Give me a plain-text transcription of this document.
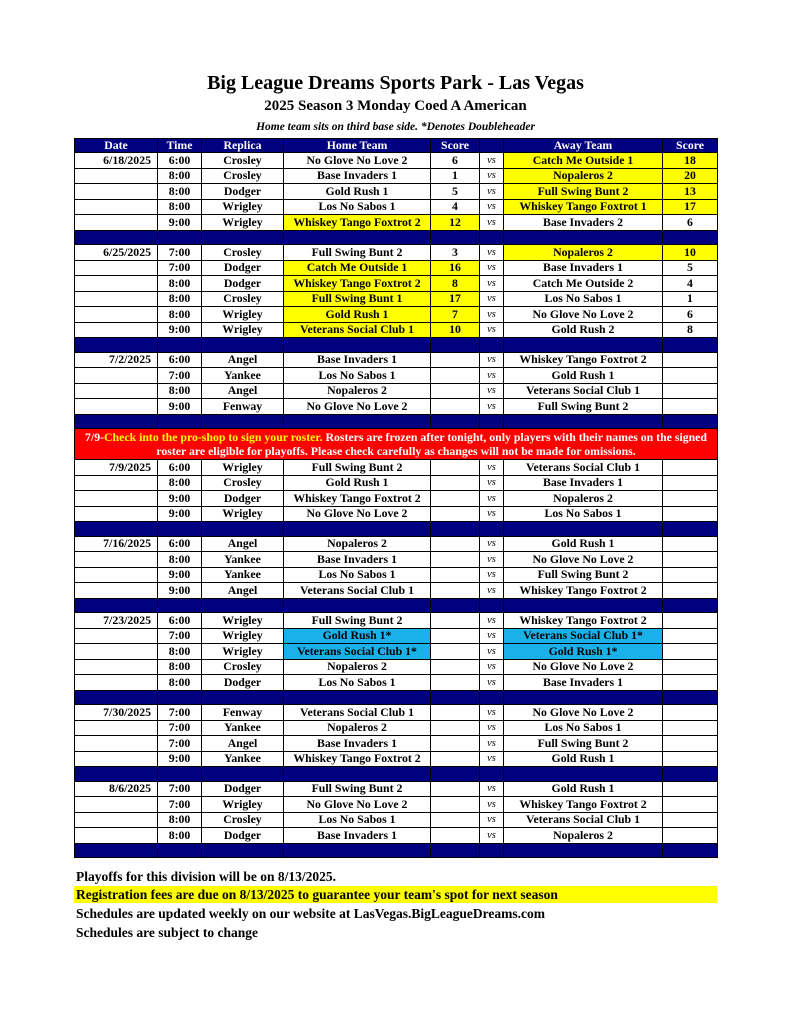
Big League Dreams Sports Park - Las Vegas
2025 Season 3 Monday Coed A American
Home team sits on third base side. *Denotes Doubleheader
Date	Time	Replica	Home Team	Score		Away Team	Score
6/18/2025	6:00	Crosley	No Glove No Love 2	6	vs	Catch Me Outside 1	18
	8:00	Crosley	Base Invaders 1	1	vs	Nopaleros 2	20
	8:00	Dodger	Gold Rush 1	5	vs	Full Swing Bunt 2	13
	8:00	Wrigley	Los No Sabos 1	4	vs	Whiskey Tango Foxtrot 1	17
	9:00	Wrigley	Whiskey Tango Foxtrot 2	12	vs	Base Invaders 2	6

6/25/2025	7:00	Crosley	Full Swing Bunt 2	3	vs	Nopaleros 2	10
	7:00	Dodger	Catch Me Outside 1	16	vs	Base Invaders 1	5
	8:00	Dodger	Whiskey Tango Foxtrot 2	8	vs	Catch Me Outside 2	4
	8:00	Crosley	Full Swing Bunt 1	17	vs	Los No Sabos 1	1
	8:00	Wrigley	Gold Rush 1	7	vs	No Glove No Love 2	6
	9:00	Wrigley	Veterans Social Club 1	10	vs	Gold Rush 2	8

7/2/2025	6:00	Angel	Base Invaders 1		vs	Whiskey Tango Foxtrot 2	
	7:00	Yankee	Los No Sabos 1		vs	Gold Rush 1	
	8:00	Angel	Nopaleros 2		vs	Veterans Social Club 1	
	9:00	Fenway	No Glove No Love 2		vs	Full Swing Bunt 2	

7/9-Check into the pro-shop to sign your roster. Rosters are frozen after tonight, only players with their names on the signed roster are eligible for playoffs. Please check carefully as changes will not be made for omissions.							
7/9/2025	6:00	Wrigley	Full Swing Bunt 2		vs	Veterans Social Club 1	
	8:00	Crosley	Gold Rush 1		vs	Base Invaders 1	
	9:00	Dodger	Whiskey Tango Foxtrot 2		vs	Nopaleros 2	
	9:00	Wrigley	No Glove No Love 2		vs	Los No Sabos 1	

7/16/2025	6:00	Angel	Nopaleros 2		vs	Gold Rush 1	
	8:00	Yankee	Base Invaders 1		vs	No Glove No Love 2	
	9:00	Yankee	Los No Sabos 1		vs	Full Swing Bunt 2	
	9:00	Angel	Veterans Social Club 1		vs	Whiskey Tango Foxtrot 2	

7/23/2025	6:00	Wrigley	Full Swing Bunt 2		vs	Whiskey Tango Foxtrot 2	
	7:00	Wrigley	Gold Rush 1*		vs	Veterans Social Club 1*	
	8:00	Wrigley	Veterans Social Club 1*		vs	Gold Rush 1*	
	8:00	Crosley	Nopaleros 2		vs	No Glove No Love 2	
	8:00	Dodger	Los No Sabos 1		vs	Base Invaders 1	

7/30/2025	7:00	Fenway	Veterans Social Club 1		vs	No Glove No Love 2	
	7:00	Yankee	Nopaleros 2		vs	Los No Sabos 1	
	7:00	Angel	Base Invaders 1		vs	Full Swing Bunt 2	
	9:00	Yankee	Whiskey Tango Foxtrot 2		vs	Gold Rush 1	

8/6/2025	7:00	Dodger	Full Swing Bunt 2		vs	Gold Rush 1	
	7:00	Wrigley	No Glove No Love 2		vs	Whiskey Tango Foxtrot 2	
	8:00	Crosley	Los No Sabos 1		vs	Veterans Social Club 1	
	8:00	Dodger	Base Invaders 1		vs	Nopaleros 2	

Playoffs for this division will be on 8/13/2025.
Registration fees are due on 8/13/2025 to guarantee your team's spot for next season
Schedules are updated weekly on our website at LasVegas.BigLeagueDreams.com
Schedules are subject to change
